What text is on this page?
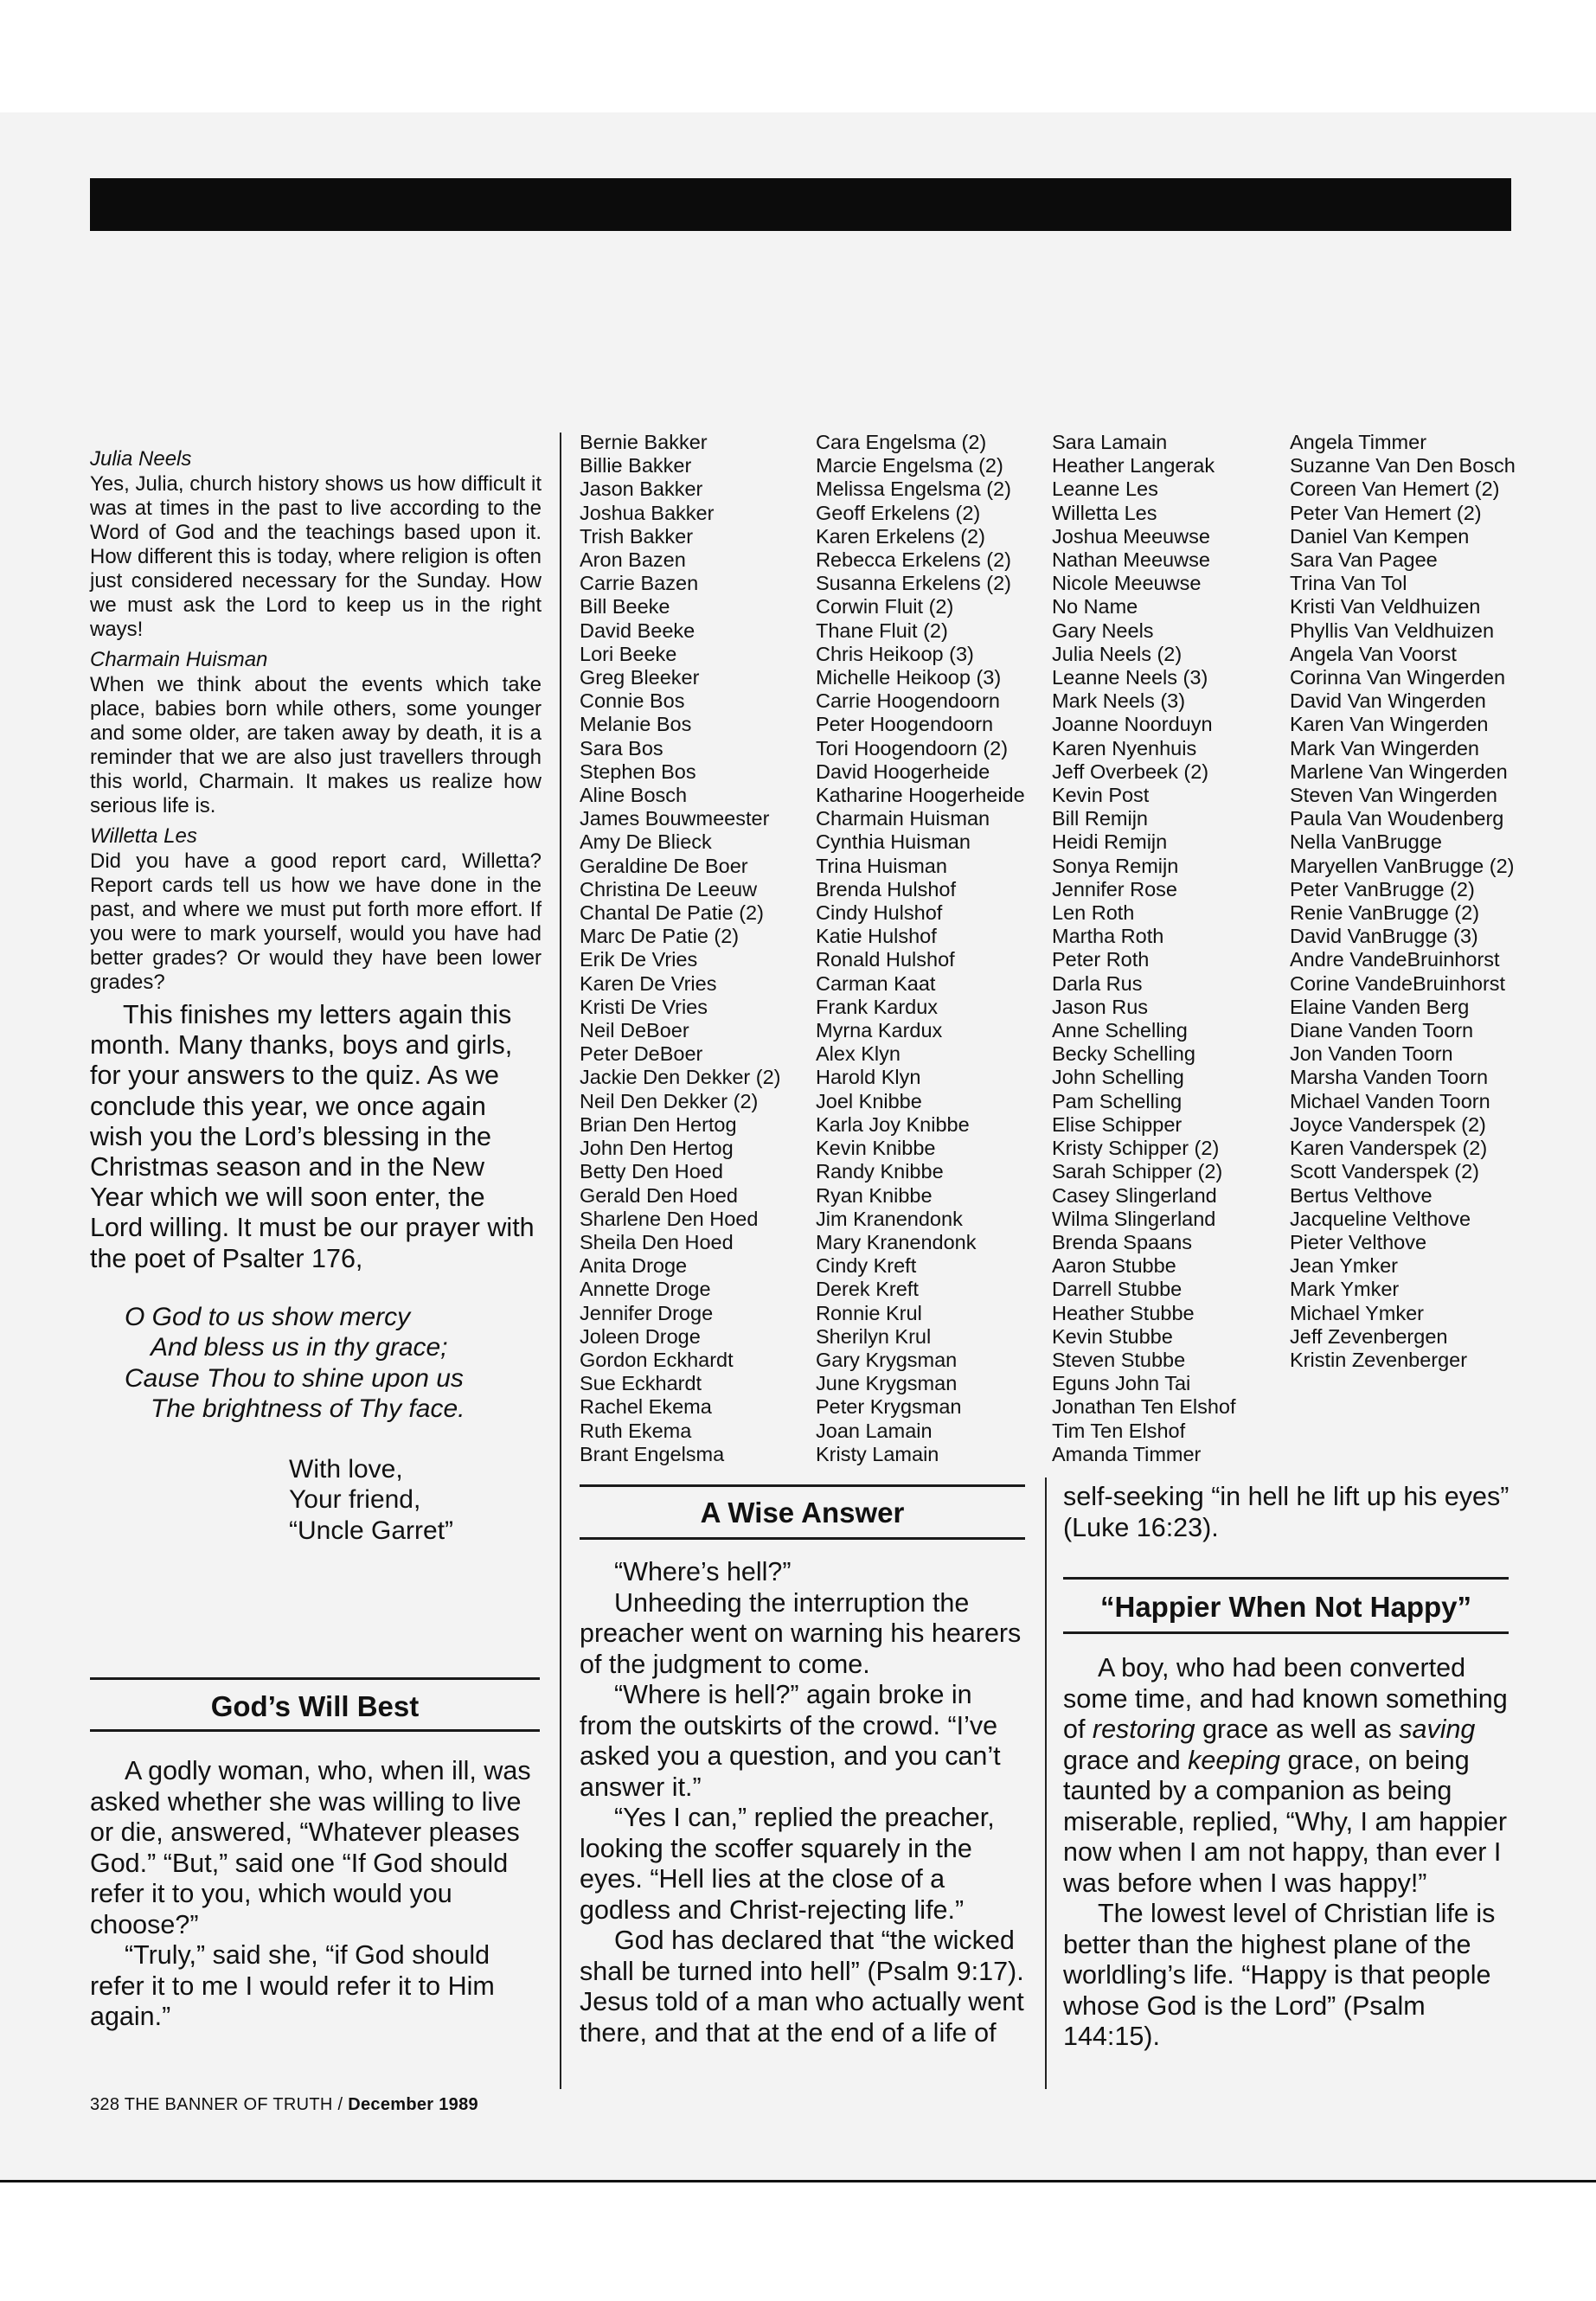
Julia Neels
Yes, Julia, church history shows us how difficult it was at times in the past to live according to the Word of God and the teachings based upon it. How different this is today, where religion is often just considered necessary for the Sunday. How we must ask the Lord to keep us in the right ways!
Charmain Huisman
When we think about the events which take place, babies born while others, some younger and some older, are taken away by death, it is a reminder that we are also just travellers through this world, Charmain. It makes us realize how serious life is.
Willetta Les
Did you have a good report card, Willetta? Report cards tell us how we have done in the past, and where we must put forth more effort. If you were to mark yourself, would you have had better grades? Or would they have been lower grades?
This finishes my letters again this month. Many thanks, boys and girls, for your answers to the quiz. As we conclude this year, we once again wish you the Lord’s blessing in the Christmas season and in the New Year which we will soon enter, the Lord willing. It must be our prayer with the poet of Psalter 176,
O God to us show mercy
And bless us in thy grace;
Cause Thou to shine upon us
The brightness of Thy face.
With love,
Your friend,
“Uncle Garret”
Bernie Bakker
Billie Bakker
Jason Bakker
Joshua Bakker
Trish Bakker
Aron Bazen
Carrie Bazen
Bill Beeke
David Beeke
Lori Beeke
Greg Bleeker
Connie Bos
Melanie Bos
Sara Bos
Stephen Bos
Aline Bosch
James Bouwmeester
Amy De Blieck
Geraldine De Boer
Christina De Leeuw
Chantal De Patie (2)
Marc De Patie (2)
Erik De Vries
Karen De Vries
Kristi De Vries
Neil DeBoer
Peter DeBoer
Jackie Den Dekker (2)
Neil Den Dekker (2)
Brian Den Hertog
John Den Hertog
Betty Den Hoed
Gerald Den Hoed
Sharlene Den Hoed
Sheila Den Hoed
Anita Droge
Annette Droge
Jennifer Droge
Joleen Droge
Gordon Eckhardt
Sue Eckhardt
Rachel Ekema
Ruth Ekema
Brant Engelsma
Cara Engelsma (2)
Marcie Engelsma (2)
Melissa Engelsma (2)
Geoff Erkelens (2)
Karen Erkelens (2)
Rebecca Erkelens (2)
Susanna Erkelens (2)
Corwin Fluit (2)
Thane Fluit (2)
Chris Heikoop (3)
Michelle Heikoop (3)
Carrie Hoogendoorn
Peter Hoogendoorn
Tori Hoogendoorn (2)
David Hoogerheide
Katharine Hoogerheide
Charmain Huisman
Cynthia Huisman
Trina Huisman
Brenda Hulshof
Cindy Hulshof
Katie Hulshof
Ronald Hulshof
Carman Kaat
Frank Kardux
Myrna Kardux
Alex Klyn
Harold Klyn
Joel Knibbe
Karla Joy Knibbe
Kevin Knibbe
Randy Knibbe
Ryan Knibbe
Jim Kranendonk
Mary Kranendonk
Cindy Kreft
Derek Kreft
Ronnie Krul
Sherilyn Krul
Gary Krygsman
June Krygsman
Peter Krygsman
Joan Lamain
Kristy Lamain
Sara Lamain
Heather Langerak
Leanne Les
Willetta Les
Joshua Meeuwse
Nathan Meeuwse
Nicole Meeuwse
No Name
Gary Neels
Julia Neels (2)
Leanne Neels (3)
Mark Neels (3)
Joanne Noorduyn
Karen Nyenhuis
Jeff Overbeek (2)
Kevin Post
Bill Remijn
Heidi Remijn
Sonya Remijn
Jennifer Rose
Len Roth
Martha Roth
Peter Roth
Darla Rus
Jason Rus
Anne Schelling
Becky Schelling
John Schelling
Pam Schelling
Elise Schipper
Kristy Schipper (2)
Sarah Schipper (2)
Casey Slingerland
Wilma Slingerland
Brenda Spaans
Aaron Stubbe
Darrell Stubbe
Heather Stubbe
Kevin Stubbe
Steven Stubbe
Eguns John Tai
Jonathan Ten Elshof
Tim Ten Elshof
Amanda Timmer
Angela Timmer
Suzanne Van Den Bosch
Coreen Van Hemert (2)
Peter Van Hemert (2)
Daniel Van Kempen
Sara Van Pagee
Trina Van Tol
Kristi Van Veldhuizen
Phyllis Van Veldhuizen
Angela Van Voorst
Corinna Van Wingerden
David Van Wingerden
Karen Van Wingerden
Mark Van Wingerden
Marlene Van Wingerden
Steven Van Wingerden
Paula Van Woudenberg
Nella VanBrugge
Maryellen VanBrugge (2)
Peter VanBrugge (2)
Renie VanBrugge (2)
David VanBrugge (3)
Andre VandeBruinhorst
Corine VandeBruinhorst
Elaine Vanden Berg
Diane Vanden Toorn
Jon Vanden Toorn
Marsha Vanden Toorn
Michael Vanden Toorn
Joyce Vanderspek (2)
Karen Vanderspek (2)
Scott Vanderspek (2)
Bertus Velthove
Jacqueline Velthove
Pieter Velthove
Jean Ymker
Mark Ymker
Michael Ymker
Jeff Zevenbergen
Kristin Zevenberger
God’s Will Best

A godly woman, who, when ill, was asked whether she was willing to live or die, answered, “Whatever pleases God.” “But,” said one “If God should refer it to you, which would you choose?”

“Truly,” said she, “if God should refer it to me I would refer it to Him again.”

A Wise Answer

“Where’s hell?”

Unheeding the interruption the preacher went on warning his hearers of the judgment to come.

“Where is hell?” again broke in from the outskirts of the crowd. “I’ve asked you a question, and you can’t answer it.”

“Yes I can,” replied the preacher, looking the scoffer squarely in the eyes. “Hell lies at the close of a godless and Christ-rejecting life.”

God has declared that “the wicked shall be turned into hell” (Psalm 9:17). Jesus told of a man who actually went there, and that at the end of a life of

self-seeking “in hell he lift up his eyes” (Luke 16:23).

“Happier When Not Happy”

A boy, who had been converted some time, and had known something of restoring grace as well as saving grace and keeping grace, on being taunted by a companion as being miserable, replied, “Why, I am happier now when I am not happy, than ever I was before when I was happy!”

The lowest level of Christian life is better than the highest plane of the worldling’s life. “Happy is that people whose God is the Lord” (Psalm 144:15).

328 THE BANNER OF TRUTH / December 1989
